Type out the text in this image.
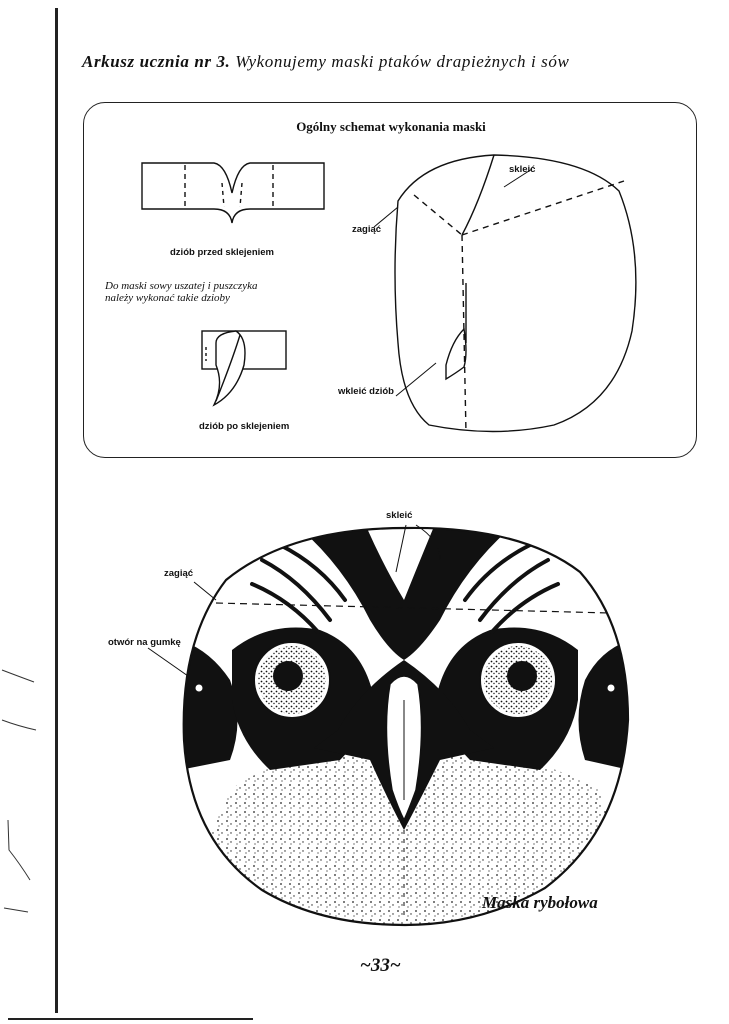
Arkusz ucznia nr 3. Wykonujemy maski ptaków drapieżnych i sów
Ogólny schemat wykonania maski
dziób przed sklejeniem
Do maski sowy uszatej i puszczyka
należy wykonać takie dzioby
dziób po sklejeniem
skleić
zagiąć
wkleić dziób
skleić
zagiąć
otwór na gumkę
Maska rybołowa
~33~
